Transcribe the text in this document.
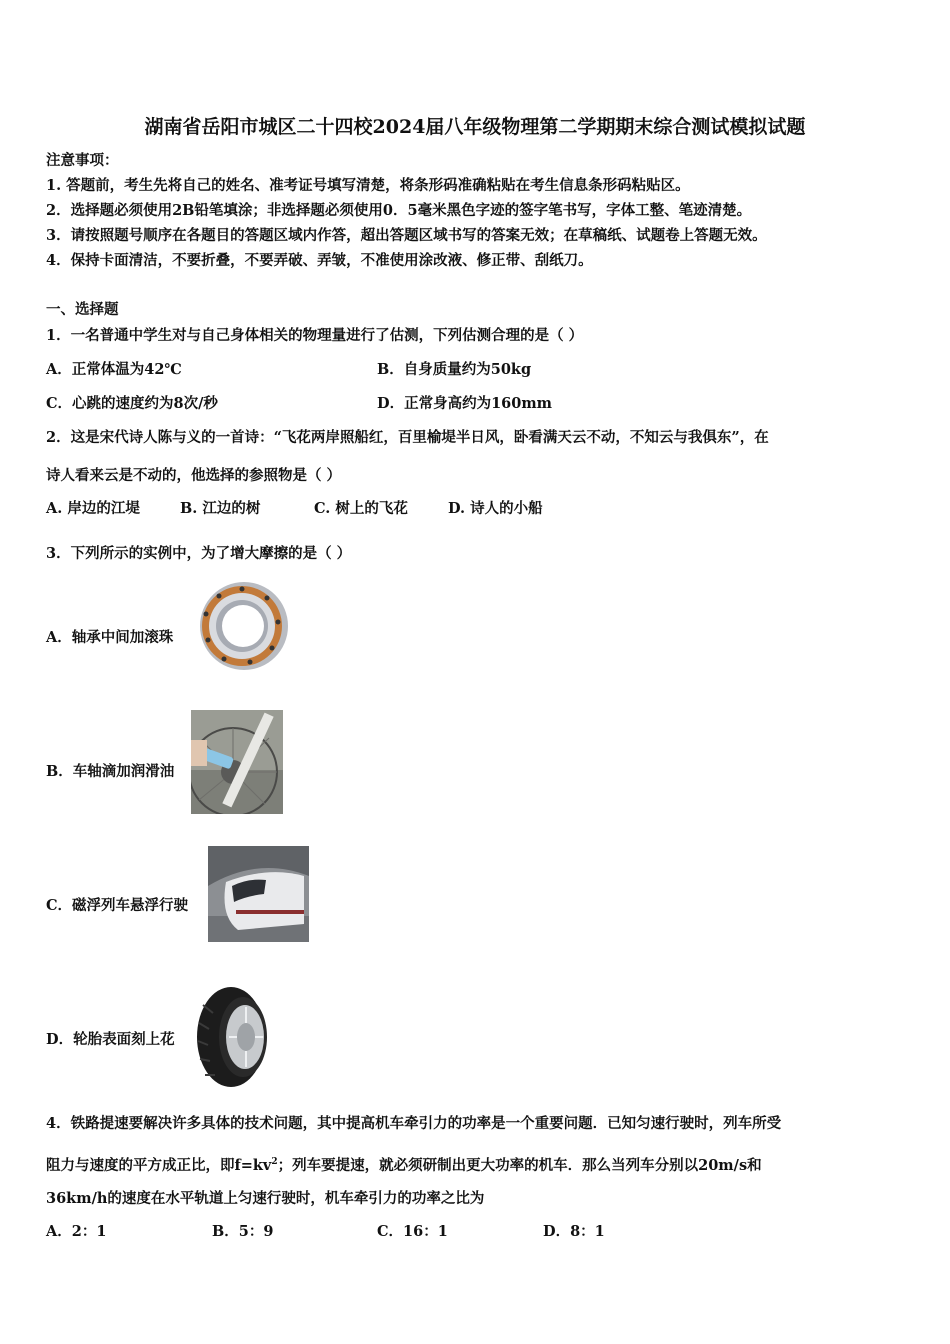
湖南省岳阳市城区二十四校2024届八年级物理第二学期期末综合测试模拟试题
注意事项：
1. 答题前，考生先将自己的姓名、准考证号填写清楚，将条形码准确粘贴在考生信息条形码粘贴区。
2．选择题必须使用2B铅笔填涂；非选择题必须使用0．5毫米黑色字迹的签字笔书写，字体工整、笔迹清楚。
3．请按照题号顺序在各题目的答题区域内作答，超出答题区域书写的答案无效；在草稿纸、试题卷上答题无效。
4．保持卡面清洁，不要折叠，不要弄破、弄皱，不准使用涂改液、修正带、刮纸刀。
一、选择题
1．一名普通中学生对与自己身体相关的物理量进行了估测，下列估测合理的是（ ）
A．正常体温为42℃	B．自身质量约为50kg
C．心跳的速度约为8次/秒	D．正常身高约为160mm
2．这是宋代诗人陈与义的一首诗：“飞花两岸照船红，百里榆堤半日风，卧看满天云不动，不知云与我俱东”，在
诗人看来云是不动的，他选择的参照物是（ ）
A. 岸边的江堤	B. 江边的树	C. 树上的飞花	D. 诗人的小船
3．下列所示的实例中，为了增大摩擦的是（ ）
A．轴承中间加滚珠
B．车轴滴加润滑油
C．磁浮列车悬浮行驶
D．轮胎表面刻上花
4．铁路提速要解决许多具体的技术问题，其中提高机车牵引力的功率是一个重要问题．已知匀速行驶时，列车所受
阻力与速度的平方成正比，即$f=kv^2$；列车要提速，就必须研制出更大功率的机车．那么当列车分别以20m/s和
36km/h的速度在水平轨道上匀速行驶时，机车牵引力的功率之比为
A．2：1	B．5：9	C．16：1	D．8：1
